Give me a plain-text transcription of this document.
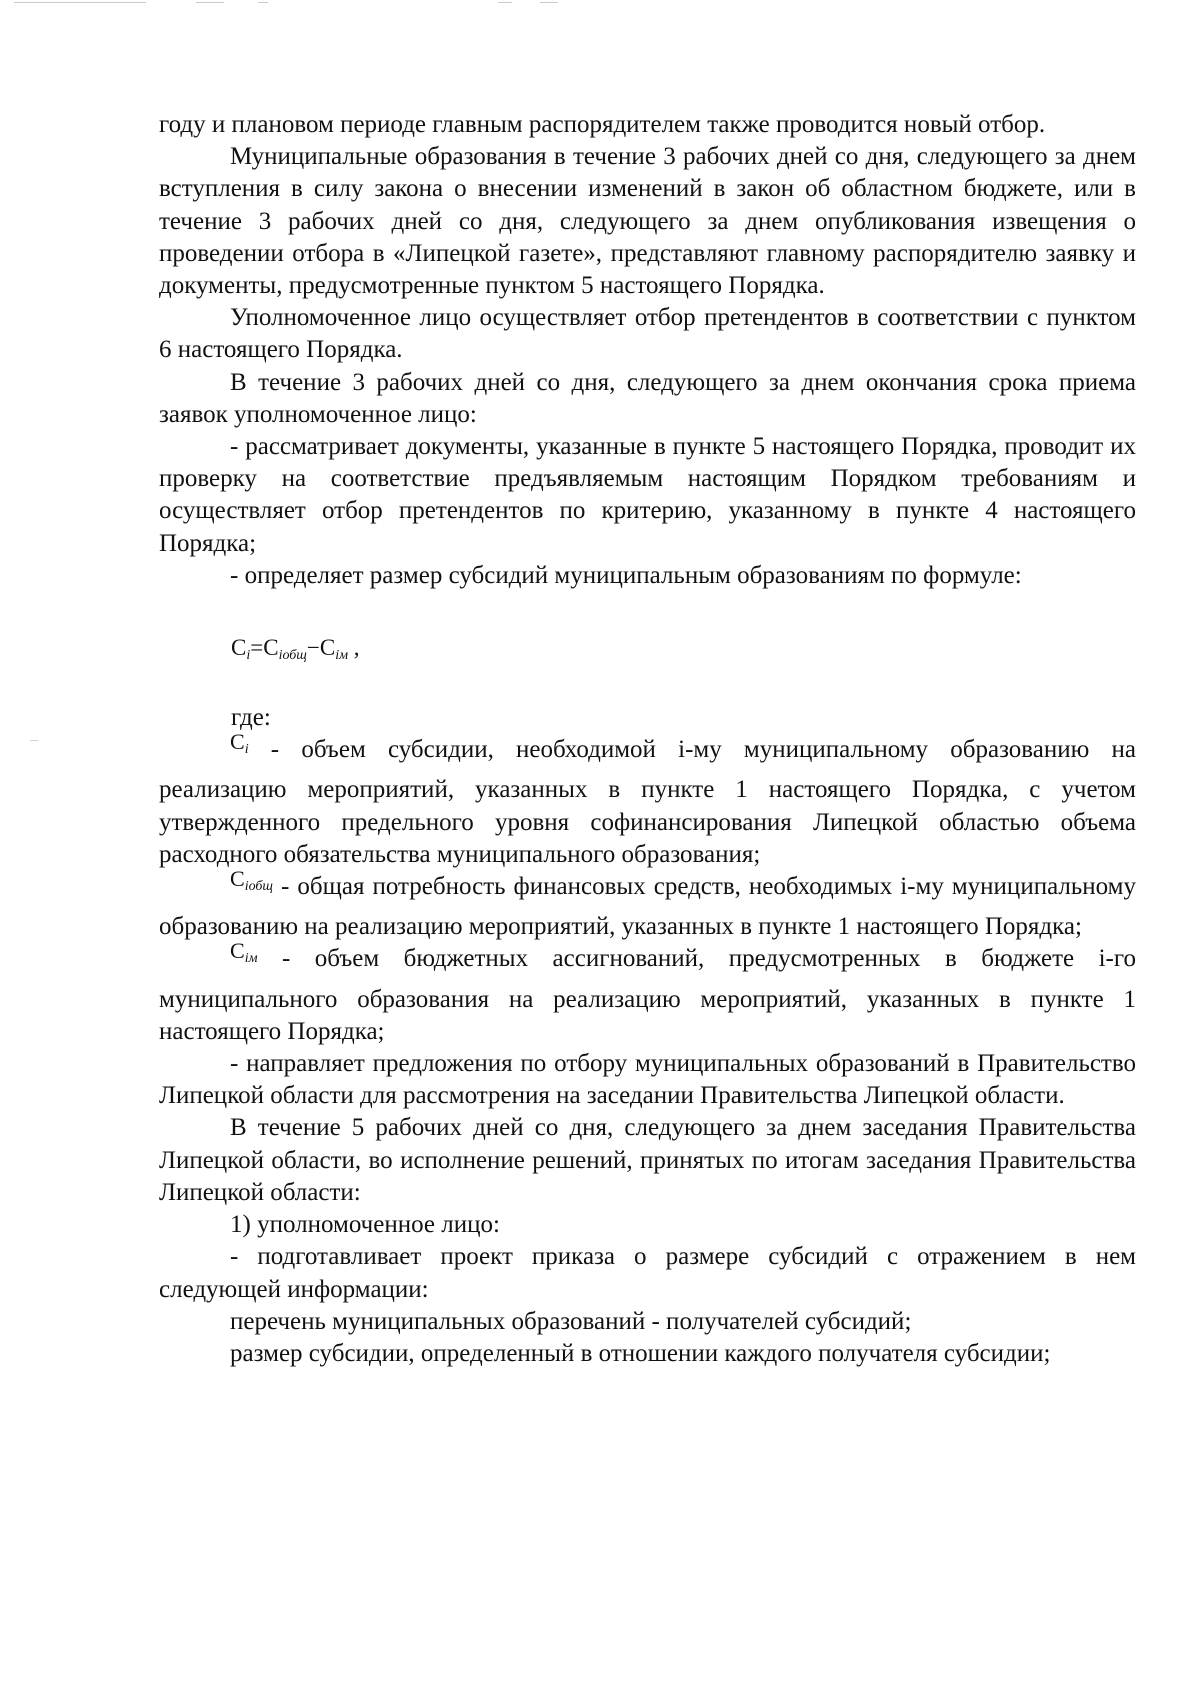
году и плановом периоде главным распорядителем также проводится новый отбор.

Муниципальные образования в течение 3 рабочих дней со дня, следующего за днем вступления в силу закона о внесении изменений в закон об областном бюджете, или в течение 3 рабочих дней со дня, следующего за днем опубликования извещения о проведении отбора в «Липецкой газете», представляют главному распорядителю заявку и документы, предусмотренные пунктом 5 настоящего Порядка.

Уполномоченное лицо осуществляет отбор претендентов в соответствии с пунктом 6 настоящего Порядка.

В течение 3 рабочих дней со дня, следующего за днем окончания срока приема заявок уполномоченное лицо:

- рассматривает документы, указанные в пункте 5 настоящего Порядка, проводит их проверку на соответствие предъявляемым настоящим Порядком требованиям и осуществляет отбор претендентов по критерию, указанному в пункте 4 настоящего Порядка;

- определяет размер субсидий муниципальным образованиям по формуле:

$С_i=С_{iобщ}-С_{iм}$ ,

где:

$С_i$ - объем субсидии, необходимой i-му муниципальному образованию на реализацию мероприятий, указанных в пункте 1 настоящего Порядка, с учетом утвержденного предельного уровня софинансирования Липецкой областью объема расходного обязательства муниципального образования;

$С_{iобщ}$ - общая потребность финансовых средств, необходимых i-му муниципальному образованию на реализацию мероприятий, указанных в пункте 1 настоящего Порядка;

$С_{iм}$ - объем бюджетных ассигнований, предусмотренных в бюджете i-го муниципального образования на реализацию мероприятий, указанных в пункте 1 настоящего Порядка;

- направляет предложения по отбору муниципальных образований в Правительство Липецкой области для рассмотрения на заседании Правительства Липецкой области.

В течение 5 рабочих дней со дня, следующего за днем заседания Правительства Липецкой области, во исполнение решений, принятых по итогам заседания Правительства Липецкой области:

1) уполномоченное лицо:

- подготавливает проект приказа о размере субсидий с отражением в нем следующей информации:

перечень муниципальных образований - получателей субсидий;

размер субсидии, определенный в отношении каждого получателя субсидии;
